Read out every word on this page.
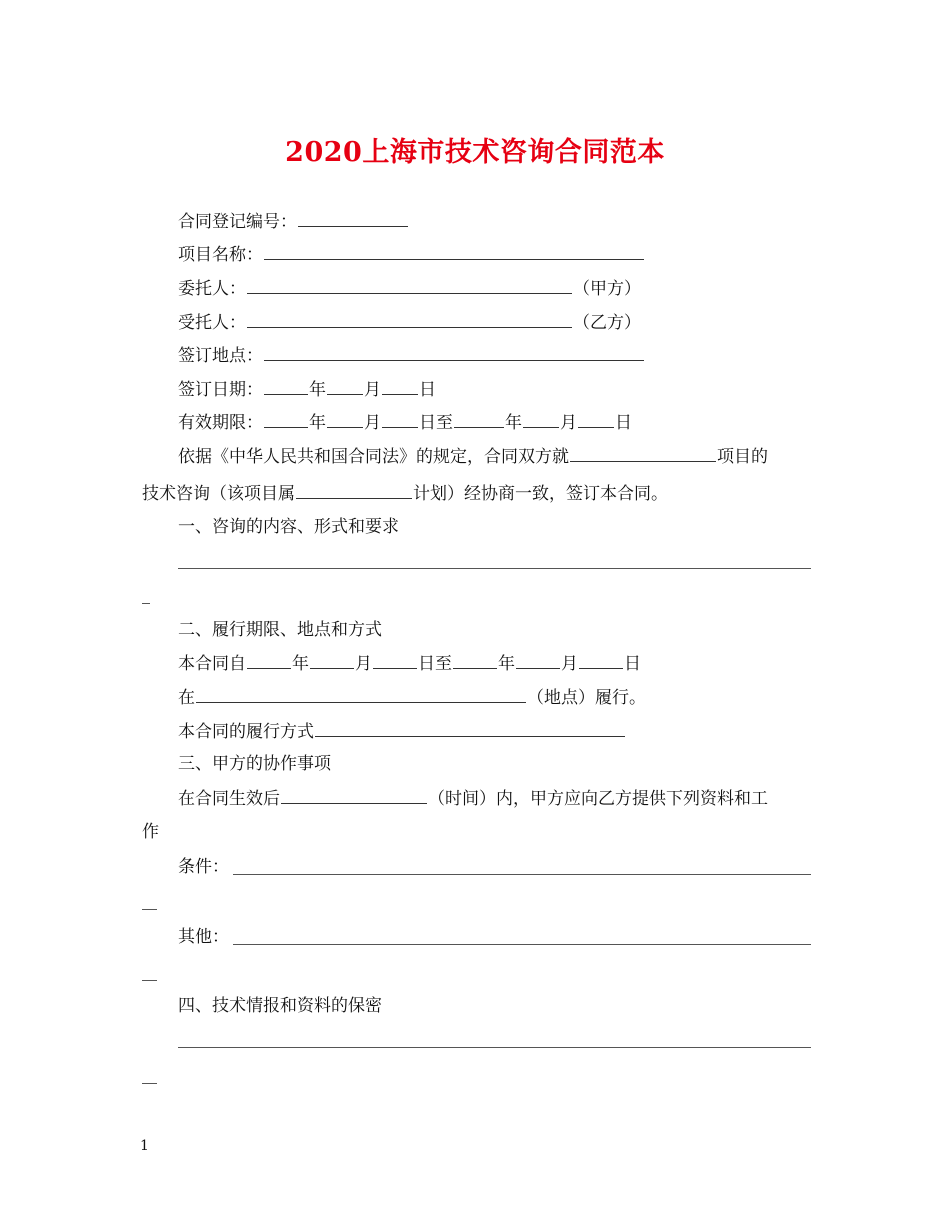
2020上海市技术咨询合同范本
合同登记编号：
项目名称：
委托人：	（甲方）
受托人：	（乙方）
签订地点：
签订日期：	年 月 日
有效期限：	年 月 日至	年 月 日
依据《中华人民共和国合同法》的规定，合同双方就	项目的
技术咨询（该项目属	计划）经协商一致，签订本合同。
一、咨询的内容、形式和要求
二、履行期限、地点和方式
本合同自	年	月	日至	年	月	日
在	（地点）履行。
本合同的履行方式
三、甲方的协作事项
在合同生效后	（时间）内，甲方应向乙方提供下列资料和工
作
条件：
其他：
四、技术情报和资料的保密
1
